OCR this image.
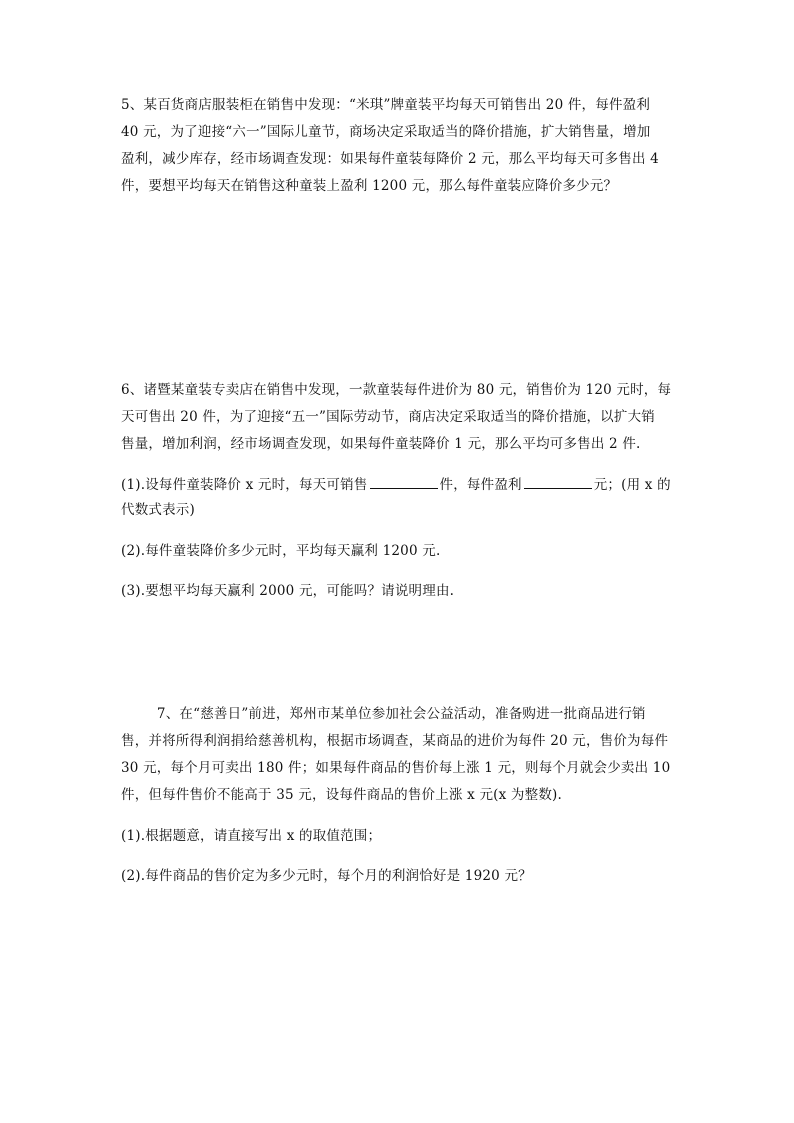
5、某百货商店服装柜在销售中发现：“米琪”牌童装平均每天可销售出 20 件，每件盈利
40 元，为了迎接“六一”国际儿童节，商场决定采取适当的降价措施，扩大销售量，增加
盈利，减少库存，经市场调查发现：如果每件童装每降价 2 元，那么平均每天可多售出 4
件，要想平均每天在销售这种童装上盈利 1200 元，那么每件童装应降价多少元？
6、诸暨某童装专卖店在销售中发现，一款童装每件进价为 80 元，销售价为 120 元时，每
天可售出 20 件，为了迎接“五一”国际劳动节，商店决定采取适当的降价措施，以扩大销
售量，增加利润，经市场调查发现，如果每件童装降价 1 元，那么平均可多售出 2 件.
(1).设每件童装降价 x 元时，每天可销售	件，每件盈利	元；(用 x 的
代数式表示)
(2).每件童装降价多少元时，平均每天赢利 1200 元.
(3).要想平均每天赢利 2000 元，可能吗？请说明理由.
7、在“慈善日”前进，郑州市某单位参加社会公益活动，准备购进一批商品进行销
售，并将所得利润捐给慈善机构，根据市场调查，某商品的进价为每件 20 元，售价为每件
30 元，每个月可卖出 180 件；如果每件商品的售价每上涨 1 元，则每个月就会少卖出 10
件，但每件售价不能高于 35 元，设每件商品的售价上涨 x 元(x 为整数).
(1).根据题意，请直接写出 x 的取值范围；
(2).每件商品的售价定为多少元时，每个月的利润恰好是 1920 元？
